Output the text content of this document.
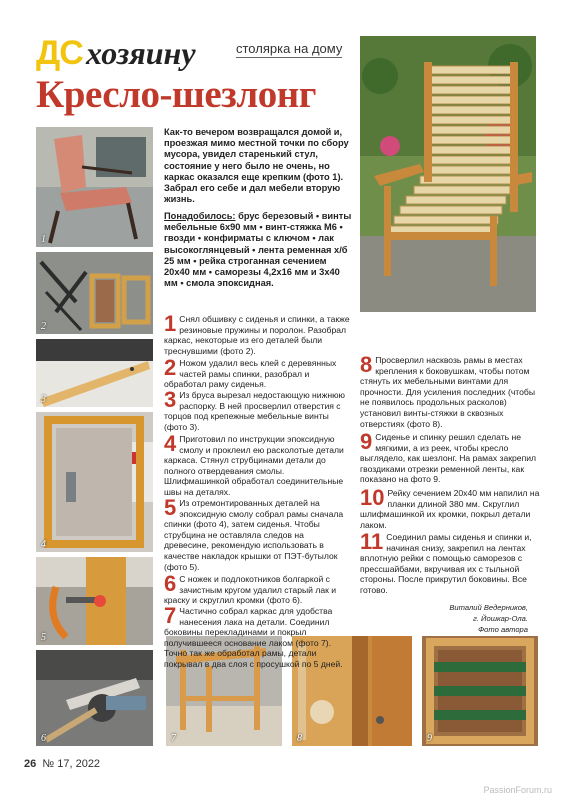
ДС хозяину	столярка на дому
Кресло-шезлонг
1
2
3
4
5
6	7	8	9
Как-то вечером возвращался домой и, проезжая мимо местной точки по сбору мусора, увидел старенький стул, состояние у него было не очень, но каркас оказался еще крепким (фото 1). Забрал его себе и дал мебели вторую жизнь.
Понадобилось: брус березовый • винты мебельные 6x90 мм • винт-стяжка М6 • гвозди • конфирматы с ключом • лак высокоглянцевый • лента ременная х/б 25 мм • рейка строганная сечением 20x40 мм • саморезы 4,2x16 мм и 3x40 мм • смола эпоксидная.
1 Снял обшивку с сиденья и спинки, а также резиновые пружины и поролон. Разобрал каркас, некоторые из его деталей были треснувшими (фото 2).
2 Ножом удалил весь клей с деревянных частей рамы спинки, разобрал и обработал раму сиденья.
3 Из бруса вырезал недостающую нижнюю распорку. В ней просверлил отверстия с торцов под крепежные мебельные винты (фото 3).
4 Приготовил по инструкции эпоксидную смолу и проклеил ею расколотые детали каркаса. Стянул струбцинами детали до полного отвердевания смолы. Шлифмашинкой обработал соединительные швы на деталях.
5 Из отремонтированных деталей на эпоксидную смолу собрал рамы сначала спинки (фото 4), затем сиденья. Чтобы струбцина не оставляла следов на древесине, рекомендую использовать в качестве накладок крышки от ПЭТ-бутылок (фото 5).
6 С ножек и подлокотников болгаркой с зачистным кругом удалил старый лак и краску и скруглил кромки (фото 6).
7 Частично собрал каркас для удобства нанесения лака на детали. Соединил боковины перекладинами и покрыл получившееся основание лаком (фото 7). Точно так же обработал рамы, детали покрывал в два слоя с просушкой по 5 дней.
8 Просверлил насквозь рамы в местах крепления к боковушкам, чтобы потом стянуть их мебельными винтами для прочности. Для усиления последних (чтобы не появилось продольных расколов) установил винты-стяжки в сквозных отверстиях (фото 8).
9 Сиденье и спинку решил сделать не мягкими, а из реек, чтобы кресло выглядело, как шезлонг. На рамах закрепил гвоздиками отрезки ременной ленты, как показано на фото 9.
10 Рейку сечением 20x40 мм напилил на планки длиной 380 мм. Скруглил шлифмашинкой их кромки, покрыл детали лаком.
11 Соединил рамы сиденья и спинки и, начиная снизу, закрепил на лентах вплотную рейки с помощью саморезов с прессшайбами, вкручивая их с тыльной стороны. После прикрутил боковины. Все готово.
Виталий Ведерников,
г. Йошкар-Ола.
Фото автора
26 № 17, 2022
PassionForum.ru
